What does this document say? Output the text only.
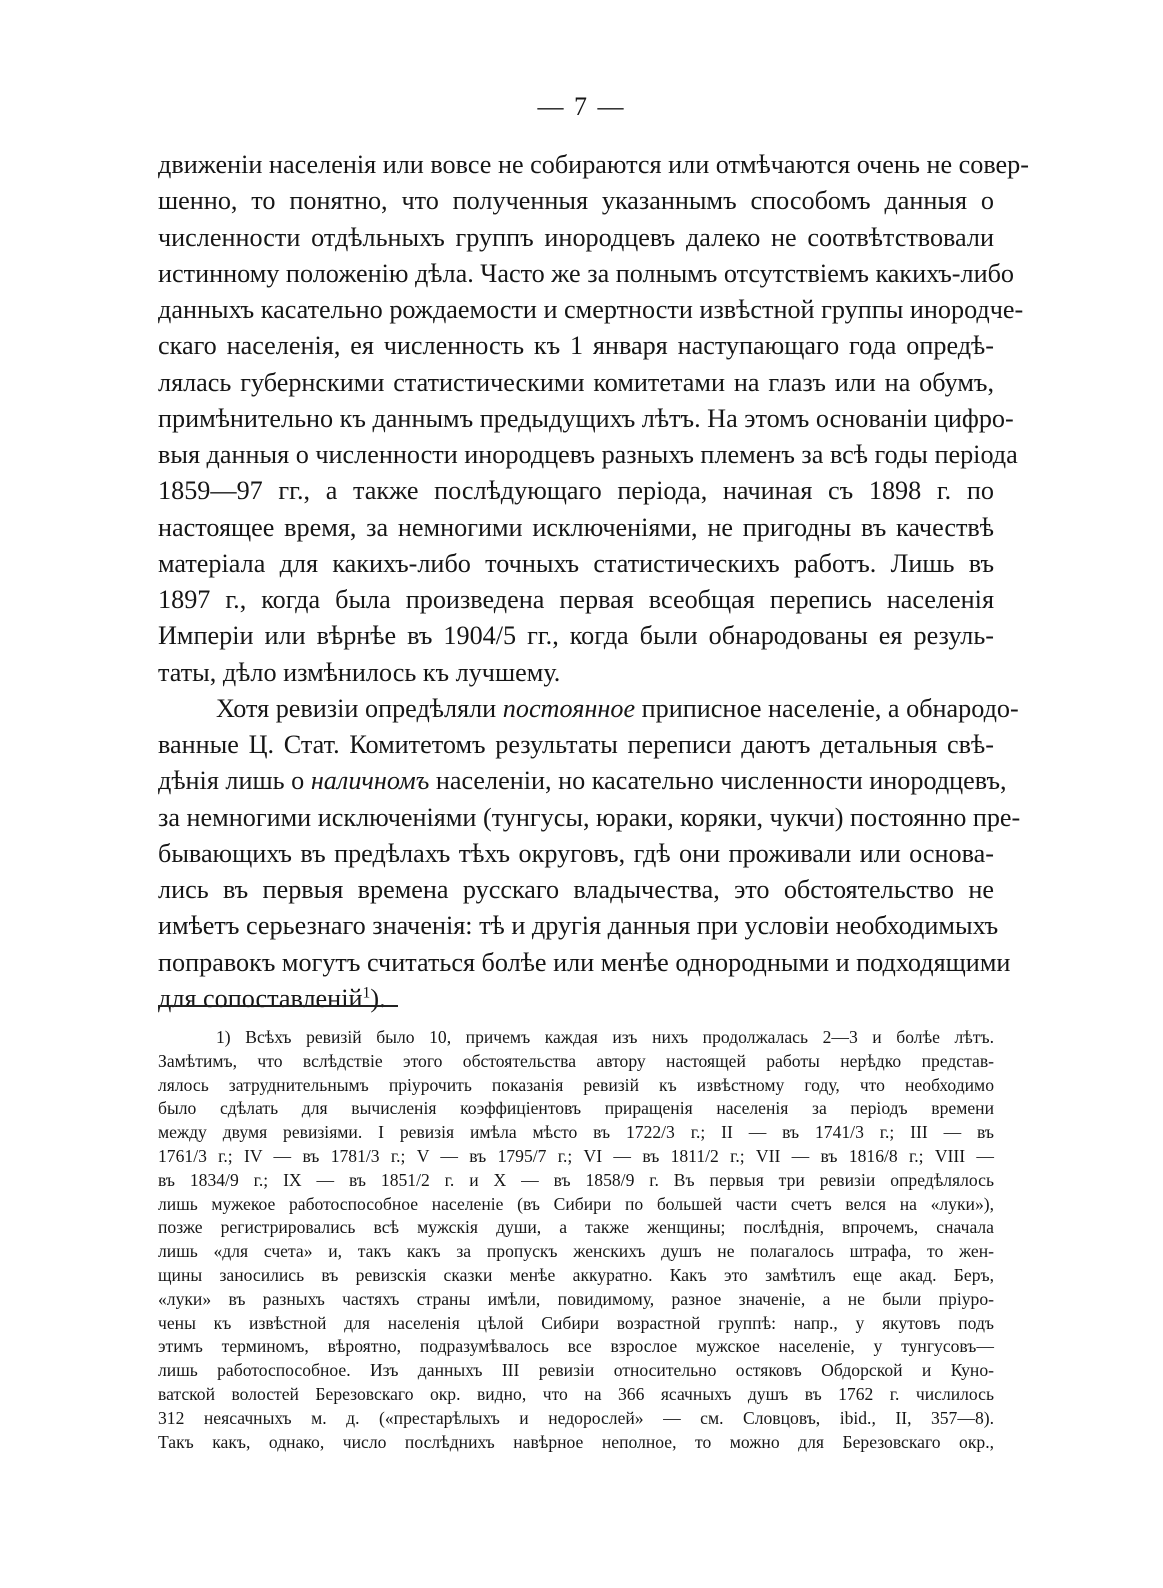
— 7 —
движенiи населенiя или вовсе не собираются или отмѣчаются очень не совер-
шенно, то понятно, что полученныя указаннымъ способомъ данныя о
численности отдѣльныхъ группъ инородцевъ далеко не соотвѣтствовали
истинному положенiю дѣла. Часто же за полнымъ отсутствiемъ какихъ-либо
данныхъ касательно рождаемости и смертности извѣстной группы инородче-
скаго населенiя, ея численность къ 1 января наступающаго года опредѣ-
лялась губернскими статистическими комитетами на глазъ или на обумъ,
примѣнительно къ даннымъ предыдущихъ лѣтъ. На этомъ основанiи цифро-
выя данныя о численности инородцевъ разныхъ племенъ за всѣ годы перiода
1859—97 гг., а также послѣдующаго перiода, начиная съ 1898 г. по
настоящее время, за немногими исключенiями, не пригодны въ качествѣ
матерiала для какихъ-либо точныхъ статистическихъ работъ. Лишь въ
1897 г., когда была произведена первая всеобщая перепись населенiя
Имперiи или вѣрнѣе въ 1904/5 гг., когда были обнародованы ея резуль-
таты, дѣло измѣнилось къ лучшему.
Хотя ревизiи опредѣляли постоянное приписное населенiе, а обнародо-
ванные Ц. Стат. Комитетомъ результаты переписи даютъ детальныя свѣ-
дѣнiя лишь о наличномъ населенiи, но касательно численности инородцевъ,
за немногими исключенiями (тунгусы, юраки, коряки, чукчи) постоянно пре-
бывающихъ въ предѣлахъ тѣхъ округовъ, гдѣ они проживали или основа-
лись въ первыя времена русскаго владычества, это обстоятельство не
имѣетъ серьезнаго значенiя: тѣ и другiя данныя при условiи необходимыхъ
поправокъ могутъ считаться болѣе или менѣе однородными и подходящими
для сопоставленiй$^1$).
1) Всѣхъ ревизiй было 10, причемъ каждая изъ нихъ продолжалась 2—3 и болѣе лѣтъ.
Замѣтимъ, что вслѣдствiе этого обстоятельства автору настоящей работы нерѣдко представ-
лялось затруднительнымъ прiурочить показанiя ревизiй къ извѣстному году, что необходимо
было сдѣлать для вычисленiя коэффицiентовъ приращенiя населенiя за перiодъ времени
между двумя ревизiями. I ревизiя имѣла мѣсто въ 1722/3 г.; II — въ 1741/3 г.; III — въ
1761/3 г.; IV — въ 1781/3 г.; V — въ 1795/7 г.; VI — въ 1811/2 г.; VII — въ 1816/8 г.; VIII —
въ 1834/9 г.; IX — въ 1851/2 г. и X — въ 1858/9 г. Въ первыя три ревизiи опредѣлялось
лишь мужекое работоспособное населенiе (въ Сибири по большей части счетъ велся на «луки»),
позже регистрировались всѣ мужскiя души, а также женщины; послѣднiя, впрочемъ, сначала
лишь «для счета» и, такъ какъ за пропускъ женскихъ душъ не полагалось штрафа, то жен-
щины заносились въ ревизскiя сказки менѣе аккуратно. Какъ это замѣтилъ еще акад. Беръ,
«луки» въ разныхъ частяхъ страны имѣли, повидимому, разное значенiе, а не были прiуро-
чены къ извѣстной для населенiя цѣлой Сибири возрастной группѣ: напр., у якутовъ подъ
этимъ терминомъ, вѣроятно, подразумѣвалось все взрослое мужское населенiе, у тунгусовъ—
лишь работоспособное. Изъ данныхъ III ревизiи относительно остяковъ Обдорской и Куно-
ватской волостей Березовскаго окр. видно, что на 366 ясачныхъ душъ въ 1762 г. числилось
312 неясачныхъ м. д. («престарѣлыхъ и недорослей» — см. Словцовъ, ibid., II, 357—8).
Такъ какъ, однако, число послѣднихъ навѣрное неполное, то можно для Березовскаго окр.,
